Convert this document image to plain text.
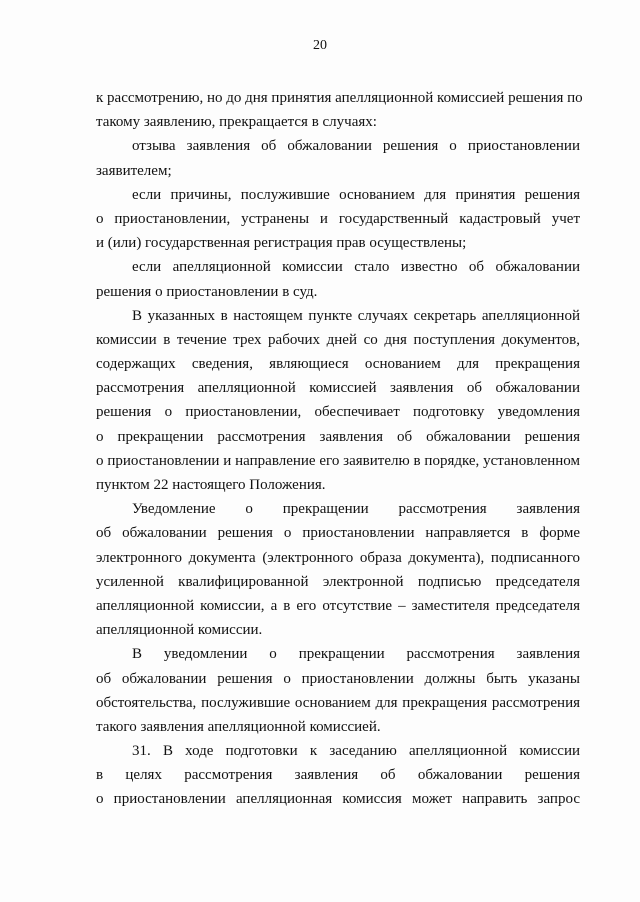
20
к рассмотрению, но до дня принятия апелляционной комиссией решения по
такому заявлению, прекращается в случаях:
отзыва заявления об обжаловании решения о приостановлении
заявителем;
если причины, послужившие основанием для принятия решения
о приостановлении, устранены и государственный кадастровый учет
и (или) государственная регистрация прав осуществлены;
если апелляционной комиссии стало известно об обжаловании
решения о приостановлении в суд.
В указанных в настоящем пункте случаях секретарь апелляционной
комиссии в течение трех рабочих дней со дня поступления документов,
содержащих сведения, являющиеся основанием для прекращения
рассмотрения апелляционной комиссией заявления об обжаловании
решения о приостановлении, обеспечивает подготовку уведомления
о прекращении рассмотрения заявления об обжаловании решения
о приостановлении и направление его заявителю в порядке, установленном
пунктом 22 настоящего Положения.
Уведомление о прекращении рассмотрения заявления
об обжаловании решения о приостановлении направляется в форме
электронного документа (электронного образа документа), подписанного
усиленной квалифицированной электронной подписью председателя
апелляционной комиссии, а в его отсутствие – заместителя председателя
апелляционной комиссии.
В уведомлении о прекращении рассмотрения заявления
об обжаловании решения о приостановлении должны быть указаны
обстоятельства, послужившие основанием для прекращения рассмотрения
такого заявления апелляционной комиссией.
31. В ходе подготовки к заседанию апелляционной комиссии
в целях рассмотрения заявления об обжаловании решения
о приостановлении апелляционная комиссия может направить запрос
